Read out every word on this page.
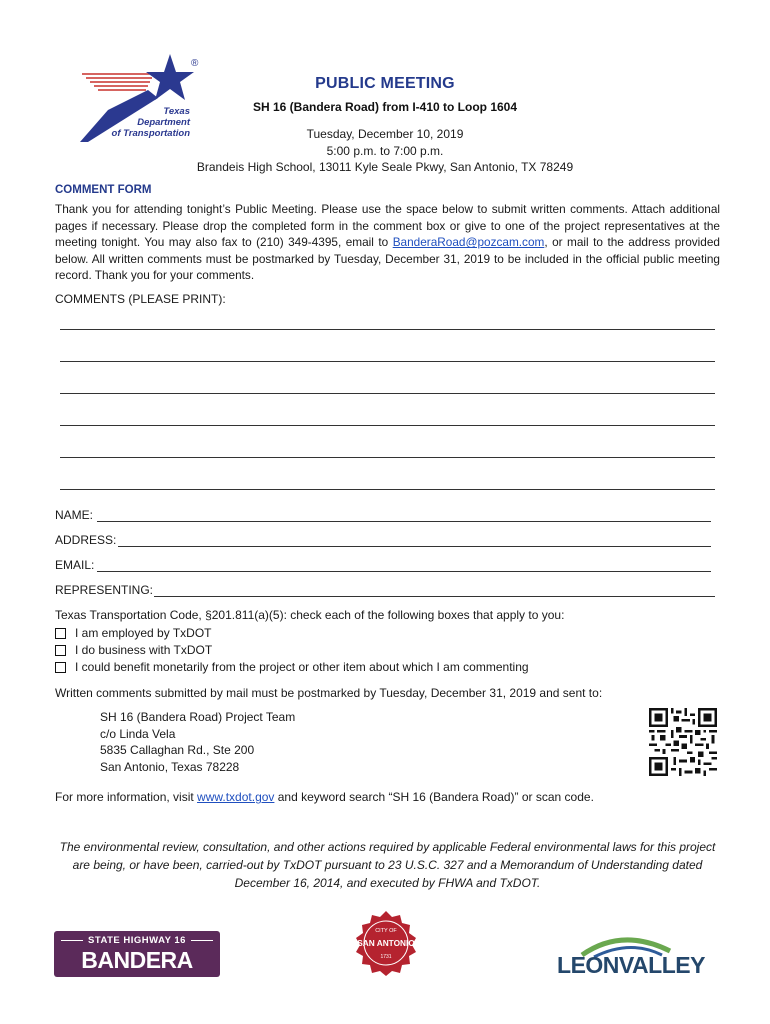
®
Texas
Department
of Transportation
PUBLIC MEETING
SH 16 (Bandera Road) from I-410 to Loop 1604
Tuesday, December 10, 2019
5:00 p.m. to 7:00 p.m.
Brandeis High School, 13011 Kyle Seale Pkwy, San Antonio, TX 78249
COMMENT FORM
Thank you for attending tonight’s Public Meeting. Please use the space below to submit written comments. Attach additional pages if necessary. Please drop the completed form in the comment box or give to one of the project representatives at the meeting tonight. You may also fax to (210) 349-4395, email to BanderaRoad@pozcam.com, or mail to the address provided below. All written comments must be postmarked by Tuesday, December 31, 2019 to be included in the official public meeting record. Thank you for your comments.
COMMENTS (PLEASE PRINT):
NAME:
ADDRESS:
EMAIL:
REPRESENTING:
Texas Transportation Code, §201.811(a)(5): check each of the following boxes that apply to you:
I am employed by TxDOT
I do business with TxDOT
I could benefit monetarily from the project or other item about which I am commenting
Written comments submitted by mail must be postmarked by Tuesday, December 31, 2019 and sent to:
SH 16 (Bandera Road) Project Team
c/o Linda Vela
5835 Callaghan Rd., Ste 200
San Antonio, Texas 78228
For more information, visit www.txdot.gov and keyword search “SH 16 (Bandera Road)” or scan code.
The environmental review, consultation, and other actions required by applicable Federal environmental laws for this project are being, or have been, carried-out by TxDOT pursuant to 23 U.S.C. 327 and a Memorandum of Understanding dated December 16, 2014, and executed by FHWA and TxDOT.
STATE HIGHWAY 16
BANDERA ROAD
CITY OF
SAN ANTONIO
1731	LEONVALLEY
